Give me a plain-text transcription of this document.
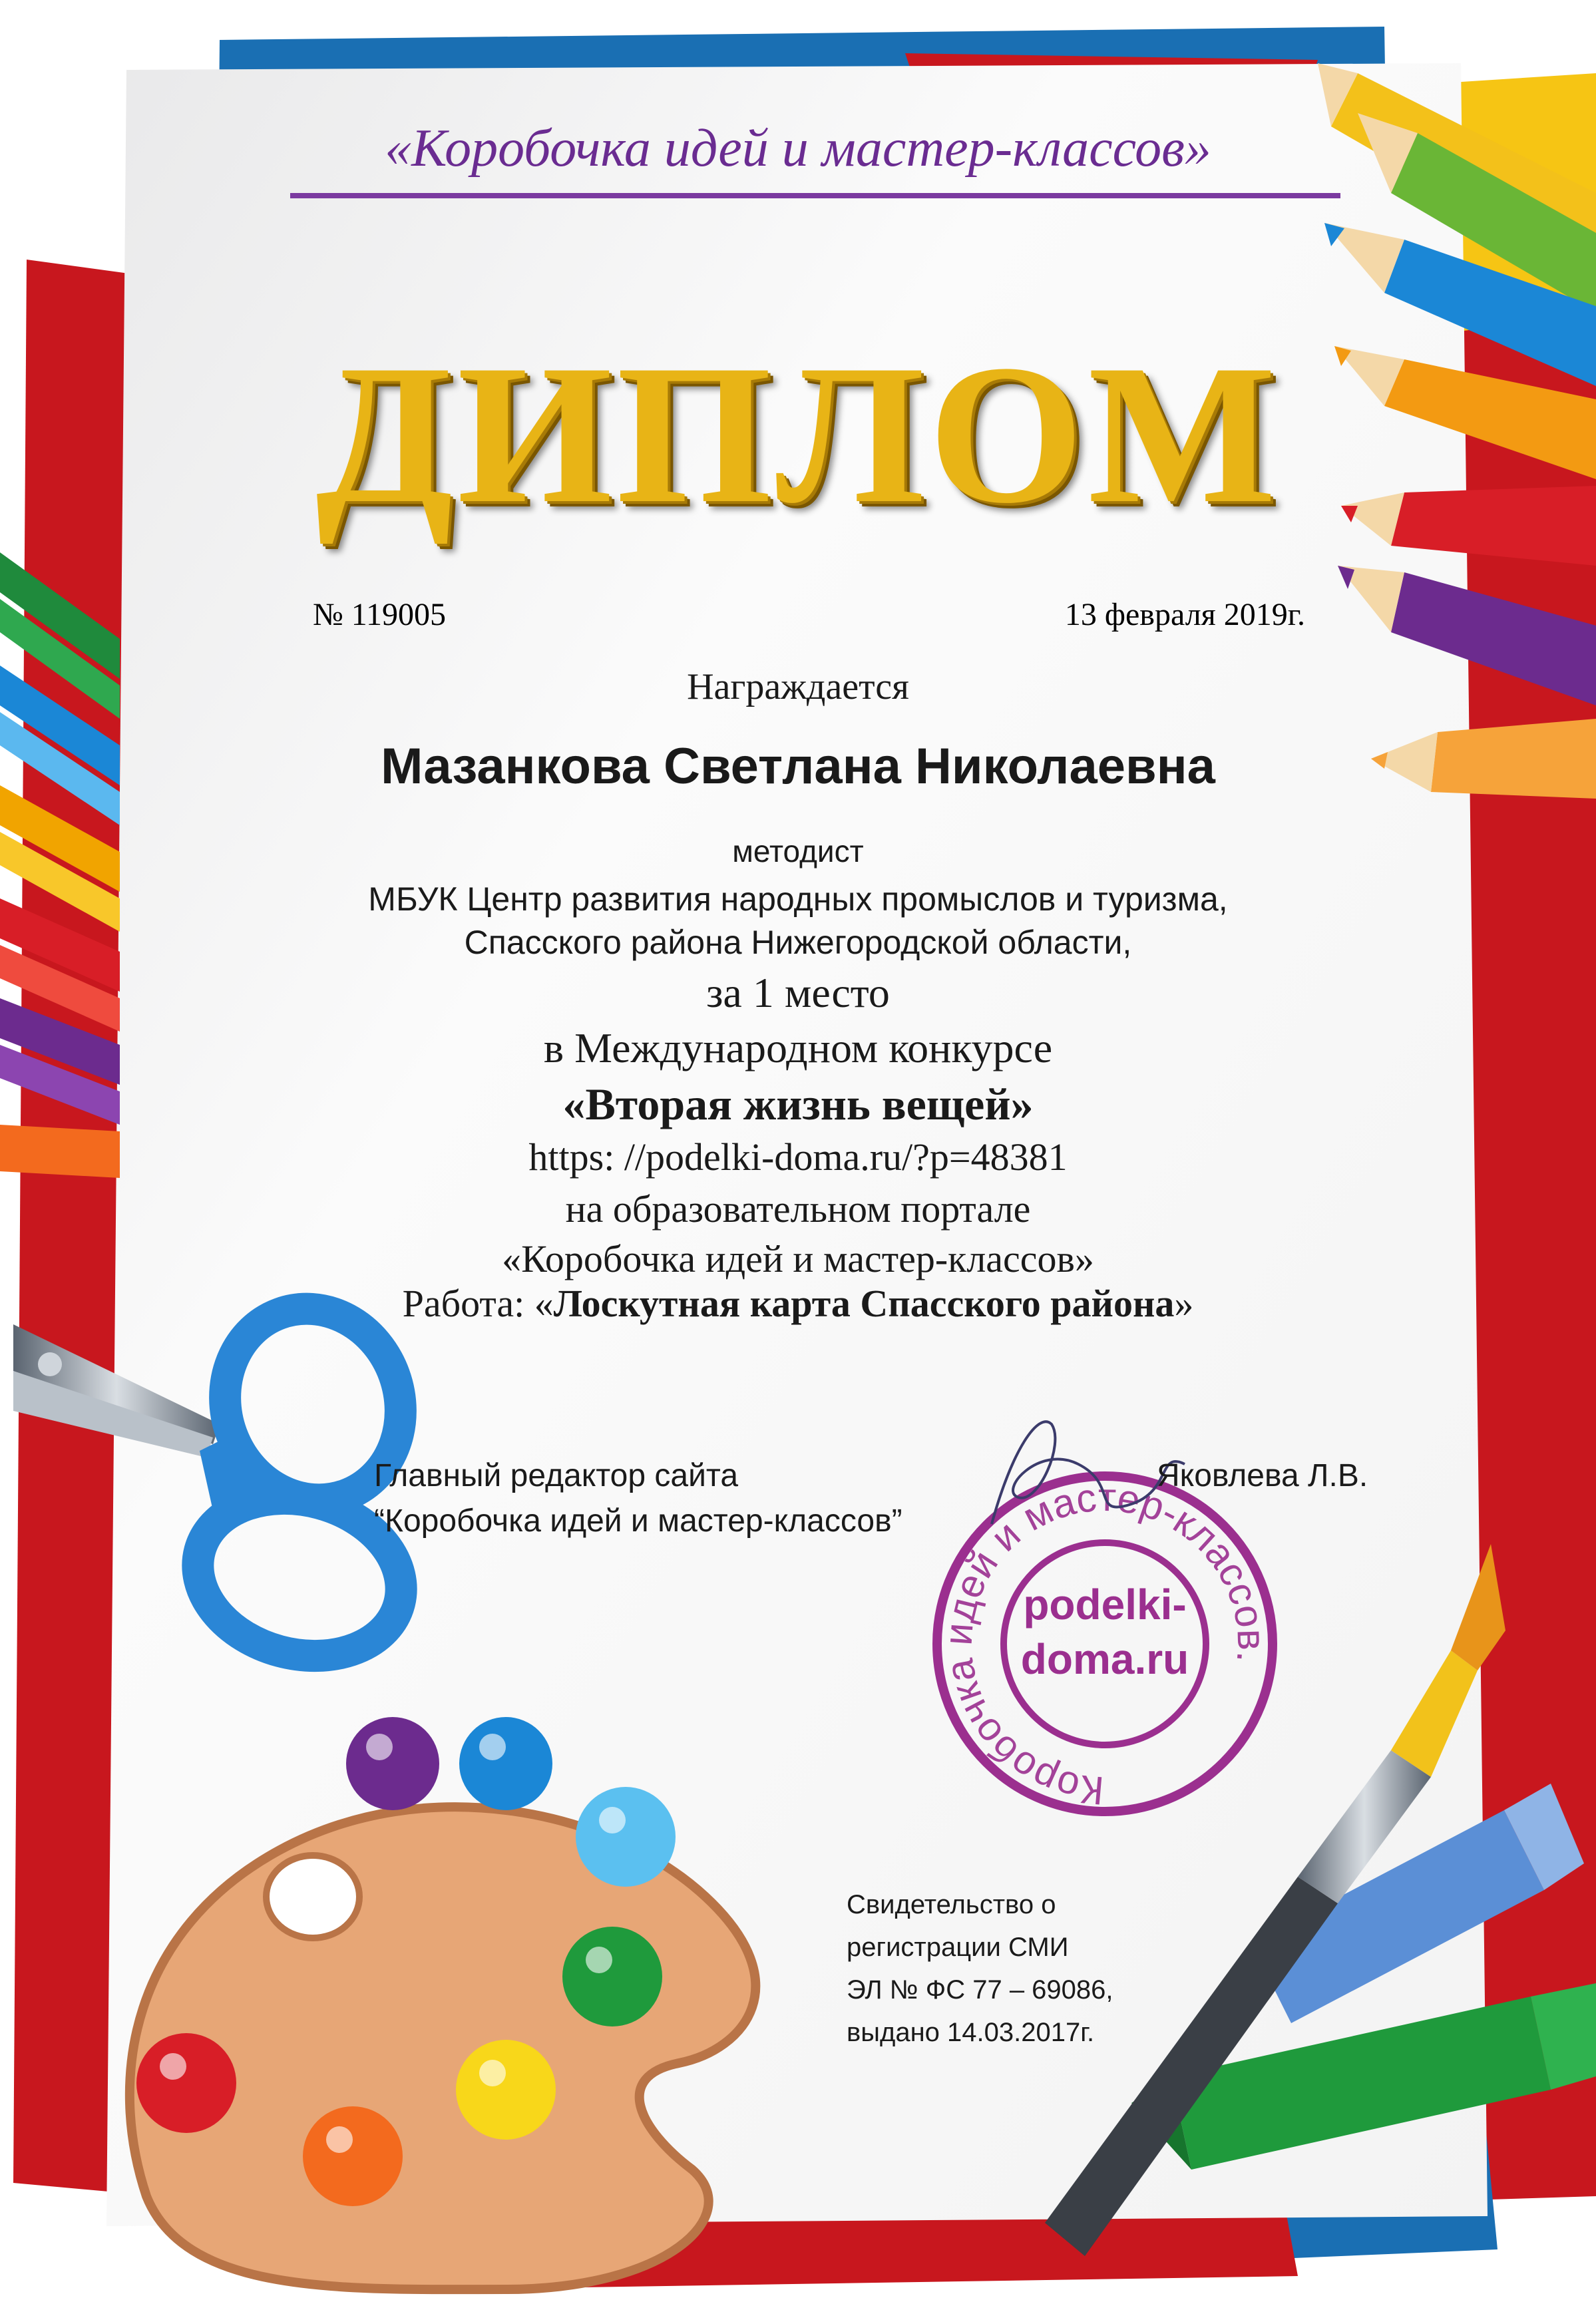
Коробочка идей и мастер-классов.
«Коробочка идей и мастер-классов»
ДИПЛОМ
№ 119005	13 февраля 2019г.
Награждается
Мазанкова Светлана Николаевна
методист
МБУК Центр развития народных промыслов и туризма,
Спасского района Нижегородской области,
за 1 место
в Международном конкурсе
«Вторая жизнь вещей»
https: //podelki-doma.ru/?p=48381
на образовательном портале
«Коробочка идей и мастер-классов»
Работа: «Лоскутная карта Спасского района»
Главный редактор сайта
“Коробочка идей и мастер-классов”
Яковлева Л.В.
podelki-
doma.ru
Свидетельство о
регистрации СМИ
ЭЛ № ФС 77 – 69086,
выдано 14.03.2017г.
